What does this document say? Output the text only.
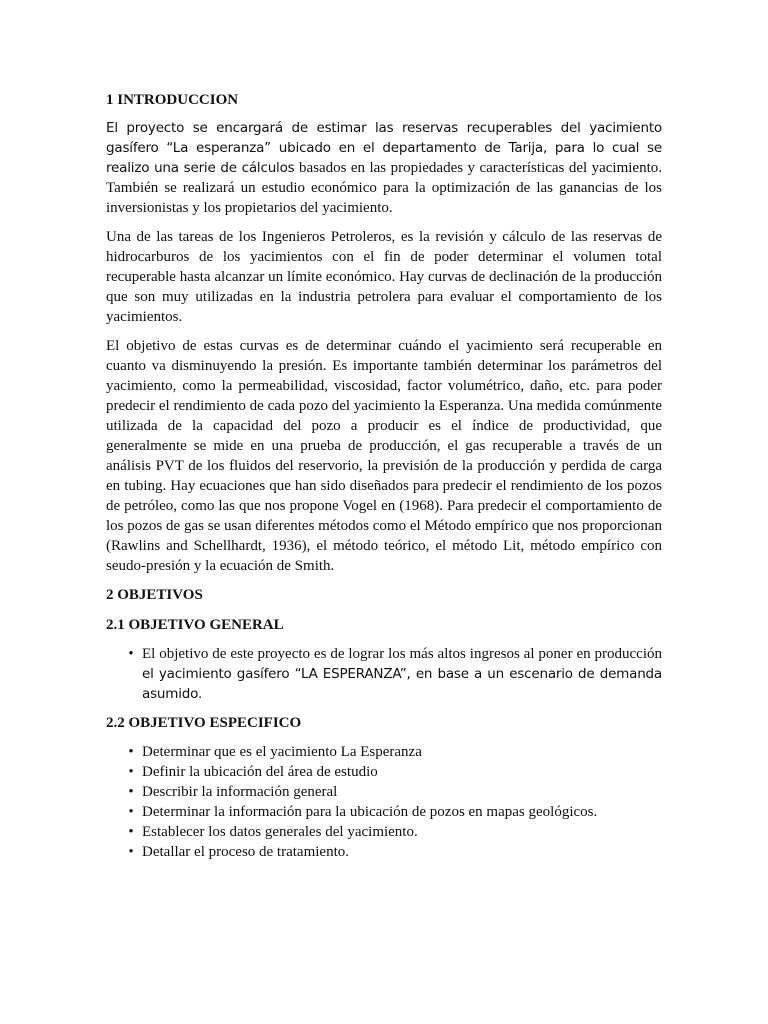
1 INTRODUCCION

El proyecto se encargará de estimar las reservas recuperables del yacimiento gasífero “La esperanza” ubicado en el departamento de Tarija, para lo cual se realizo una serie de cálculos basados en las propiedades y características del yacimiento. También se realizará un estudio económico para la optimización de las ganancias de los inversionistas y los propietarios del yacimiento.

Una de las tareas de los Ingenieros Petroleros, es la revisión y cálculo de las reservas de hidrocarburos de los yacimientos con el fin de poder determinar el volumen total recuperable hasta alcanzar un límite económico. Hay curvas de declinación de la producción que son muy utilizadas en la industria petrolera para evaluar el comportamiento de los yacimientos.

El objetivo de estas curvas es de determinar cuándo el yacimiento será recuperable en cuanto va disminuyendo la presión. Es importante también determinar los parámetros del yacimiento, como la permeabilidad, viscosidad, factor volumétrico, daño, etc. para poder predecir el rendimiento de cada pozo del yacimiento la Esperanza. Una medida comúnmente utilizada de la capacidad del pozo a producir es el índice de productividad, que generalmente se mide en una prueba de producción, el gas recuperable a través de un análisis PVT de los fluidos del reservorio, la previsión de la producción y perdida de carga en tubing. Hay ecuaciones que han sido diseñados para predecir el rendimiento de los pozos de petróleo, como las que nos propone Vogel en (1968). Para predecir el comportamiento de los pozos de gas se usan diferentes métodos como el Método empírico que nos proporcionan (Rawlins and Schellhardt, 1936), el método teórico, el método Lit, método empírico con seudo-presión y la ecuación de Smith.

2 OBJETIVOS
2.1 OBJETIVO GENERAL
• El objetivo de este proyecto es de lograr los más altos ingresos al poner en producción el yacimiento gasífero “LA ESPERANZA”, en base a un escenario de demanda asumido.
2.2 OBJETIVO ESPECIFICO
• Determinar que es el yacimiento La Esperanza
• Definir la ubicación del área de estudio
• Describir la información general
• Determinar la información para la ubicación de pozos en mapas geológicos.
• Establecer los datos generales del yacimiento.
• Detallar el proceso de tratamiento.
